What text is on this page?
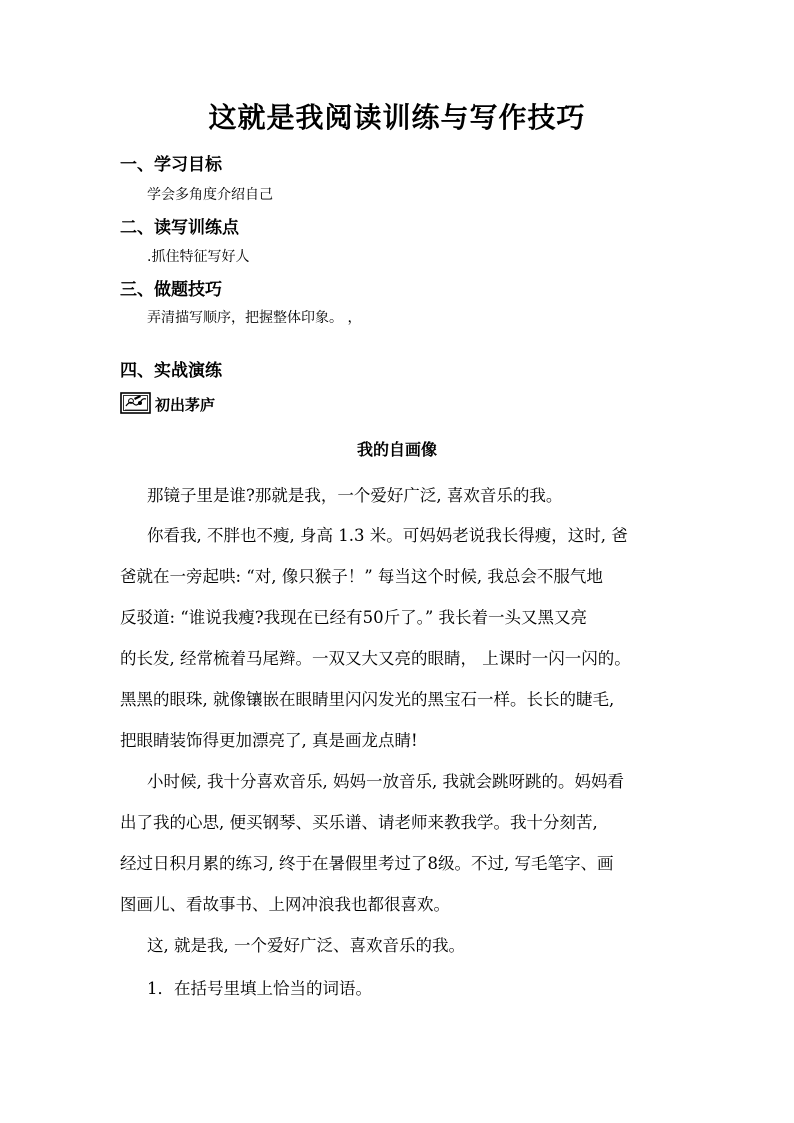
这就是我阅读训练与写作技巧
一、学习目标
学会多角度介绍自己
二、读写训练点
.抓住特征写好人
三、做题技巧
弄清描写顺序，把握整体印象。 ，
四、实战演练
初出茅庐
我的自画像
那镜子里是谁?那就是我，一个爱好广泛, 喜欢音乐的我。
你看我, 不胖也不瘦, 身高 1.3 米。可妈妈老说我长得瘦，这时, 爸
爸就在一旁起哄: “对, 像只猴子！” 每当这个时候, 我总会不服气地
反驳道: “谁说我瘦?我现在已经有50斤了。” 我长着一头又黑又亮
的长发, 经常梳着马尾辫。一双又大又亮的眼睛， 上课时一闪一闪的。
黑黑的眼珠, 就像镶嵌在眼睛里闪闪发光的黑宝石一样。长长的睫毛,
把眼睛装饰得更加漂亮了, 真是画龙点睛!
小时候, 我十分喜欢音乐, 妈妈一放音乐, 我就会跳呀跳的。妈妈看
出了我的心思, 便买钢琴、买乐谱、请老师来教我学。我十分刻苦,
经过日积月累的练习, 终于在暑假里考过了8级。不过, 写毛笔字、画
图画儿、看故事书、上网冲浪我也都很喜欢。
这, 就是我, 一个爱好广泛、喜欢音乐的我。
1．在括号里填上恰当的词语。
